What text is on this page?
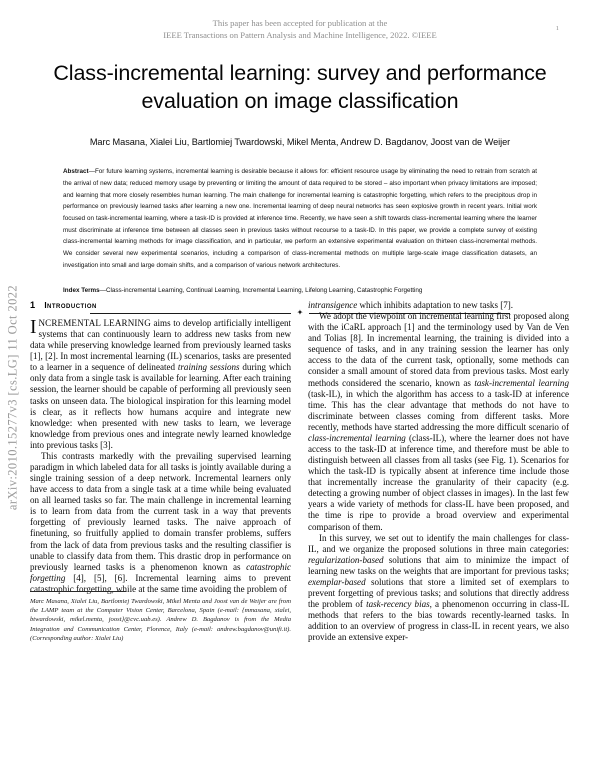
arXiv:2010.15277v3 [cs.LG] 11 Oct 2022
1
This paper has been accepted for publication at the
IEEE Transactions on Pattern Analysis and Machine Intelligence, 2022. ©IEEE
Class-incremental learning: survey and performance evaluation on image classification
Marc Masana, Xialei Liu, Bartlomiej Twardowski, Mikel Menta, Andrew D. Bagdanov, Joost van de Weijer
Abstract—For future learning systems, incremental learning is desirable because it allows for: efficient resource usage by eliminating the need to retrain from scratch at the arrival of new data; reduced memory usage by preventing or limiting the amount of data required to be stored – also important when privacy limitations are imposed; and learning that more closely resembles human learning. The main challenge for incremental learning is catastrophic forgetting, which refers to the precipitous drop in performance on previously learned tasks after learning a new one. Incremental learning of deep neural networks has seen explosive growth in recent years. Initial work focused on task-incremental learning, where a task-ID is provided at inference time. Recently, we have seen a shift towards class-incremental learning where the learner must discriminate at inference time between all classes seen in previous tasks without recourse to a task-ID. In this paper, we provide a complete survey of existing class-incremental learning methods for image classification, and in particular, we perform an extensive experimental evaluation on thirteen class-incremental methods. We consider several new experimental scenarios, including a comparison of class-incremental methods on multiple large-scale image classification datasets, an investigation into small and large domain shifts, and a comparison of various network architectures.
Index Terms—Class-incremental Learning, Continual Learning, Incremental Learning, Lifelong Learning, Catastrophic Forgetting
✦
1 Introduction

INCREMENTAL LEARNING aims to develop artificially intelligent systems that can continuously learn to address new tasks from new data while preserving knowledge learned from previously learned tasks [1], [2]. In most incremental learning (IL) scenarios, tasks are presented to a learner in a sequence of delineated training sessions during which only data from a single task is available for learning. After each training session, the learner should be capable of performing all previously seen tasks on unseen data. The biological inspiration for this learning model is clear, as it reflects how humans acquire and integrate new knowledge: when presented with new tasks to learn, we leverage knowledge from previous ones and integrate newly learned knowledge into previous tasks [3].

This contrasts markedly with the prevailing supervised learning paradigm in which labeled data for all tasks is jointly available during a single training session of a deep network. Incremental learners only have access to data from a single task at a time while being evaluated on all learned tasks so far. The main challenge in incremental learning is to learn from data from the current task in a way that prevents forgetting of previously learned tasks. The naive approach of finetuning, so fruitfully applied to domain transfer problems, suffers from the lack of data from previous tasks and the resulting classifier is unable to classify data from them. This drastic drop in performance on previously learned tasks is a phenomenon known as catastrophic forgetting [4], [5], [6]. Incremental learning aims to prevent catastrophic forgetting, while at the same time avoiding the problem of

Marc Masana, Xialei Liu, Bartlomiej Twardowski, Mikel Menta and Joost van de Weijer are from the LAMP team at the Computer Vision Center, Barcelona, Spain (e-mail: {mmasana, xialei, btwardowski, mikel.menta, joost}@cvc.uab.es). Andrew D. Bagdanov is from the Media Integration and Communication Center, Florence, Italy (e-mail: andrew.bagdanov@unifi.it). (Corresponding author: Xialei Liu)

intransigence which inhibits adaptation to new tasks [7].

We adopt the viewpoint on incremental learning first proposed along with the iCaRL approach [1] and the terminology used by Van de Ven and Tolias [8]. In incremental learning, the training is divided into a sequence of tasks, and in any training session the learner has only access to the data of the current task, optionally, some methods can consider a small amount of stored data from previous tasks. Most early methods considered the scenario, known as task-incremental learning (task-IL), in which the algorithm has access to a task-ID at inference time. This has the clear advantage that methods do not have to discriminate between classes coming from different tasks. More recently, methods have started addressing the more difficult scenario of class-incremental learning (class-IL), where the learner does not have access to the task-ID at inference time, and therefore must be able to distinguish between all classes from all tasks (see Fig. 1). Scenarios for which the task-ID is typically absent at inference time include those that incrementally increase the granularity of their capacity (e.g. detecting a growing number of object classes in images). In the last few years a wide variety of methods for class-IL have been proposed, and the time is ripe to provide a broad overview and experimental comparison of them.

In this survey, we set out to identify the main challenges for class-IL, and we organize the proposed solutions in three main categories: regularization-based solutions that aim to minimize the impact of learning new tasks on the weights that are important for previous tasks; exemplar-based solutions that store a limited set of exemplars to prevent forgetting of previous tasks; and solutions that directly address the problem of task-recency bias, a phenomenon occurring in class-IL methods that refers to the bias towards recently-learned tasks. In addition to an overview of progress in class-IL in recent years, we also provide an extensive exper-
